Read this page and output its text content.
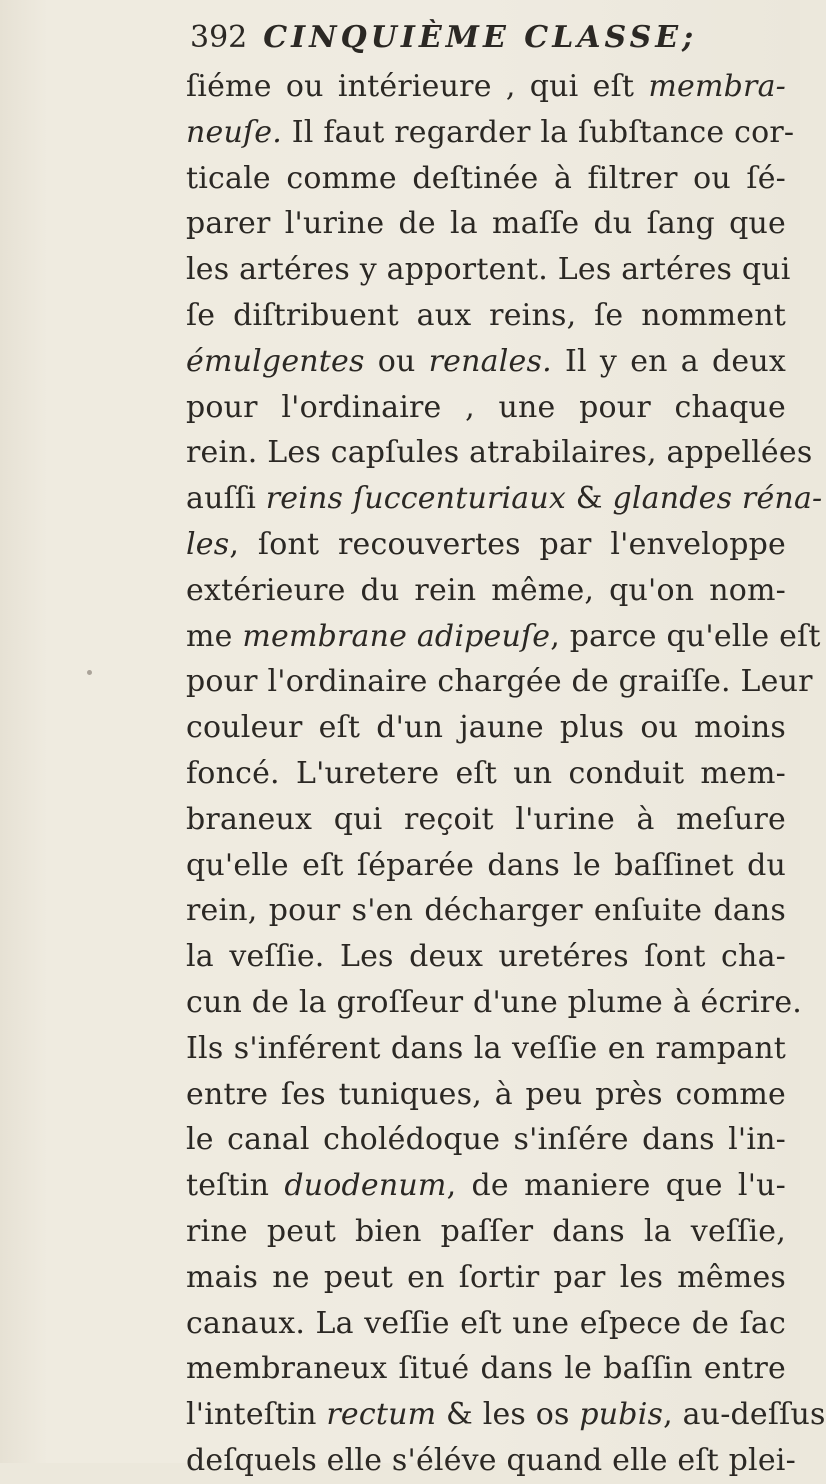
392 CINQUIÈME CLASSE;
ſiéme ou intérieure , qui eſt membra-
neuſe. Il faut regarder la ſubſtance cor-
ticale comme deſtinée à filtrer ou ſé-
parer l'urine de la maſſe du ſang que
les artéres y apportent. Les artéres qui
ſe diſtribuent aux reins, ſe nomment
émulgentes ou renales. Il y en a deux
pour l'ordinaire , une pour chaque
rein. Les capſules atrabilaires, appellées
auſſi reins ſuccenturiaux & glandes réna-
les, ſont recouvertes par l'enveloppe
extérieure du rein même, qu'on nom-
me membrane adipeuſe, parce qu'elle eſt
pour l'ordinaire chargée de graiſſe. Leur
couleur eſt d'un jaune plus ou moins
foncé. L'uretere eſt un conduit mem-
braneux qui reçoit l'urine à meſure
qu'elle eſt ſéparée dans le baſſinet du
rein, pour s'en décharger enſuite dans
la veſſie. Les deux uretéres ſont cha-
cun de la groſſeur d'une plume à écrire.
Ils s'inférent dans la veſſie en rampant
entre ſes tuniques, à peu près comme
le canal cholédoque s'inſére dans l'in-
teſtin duodenum, de maniere que l'u-
rine peut bien paſſer dans la veſſie,
mais ne peut en ſortir par les mêmes
canaux. La veſſie eſt une eſpece de ſac
membraneux ſitué dans le baſſin entre
l'inteſtin rectum & les os pubis, au-deſſus
deſquels elle s'éléve quand elle eſt plei-
